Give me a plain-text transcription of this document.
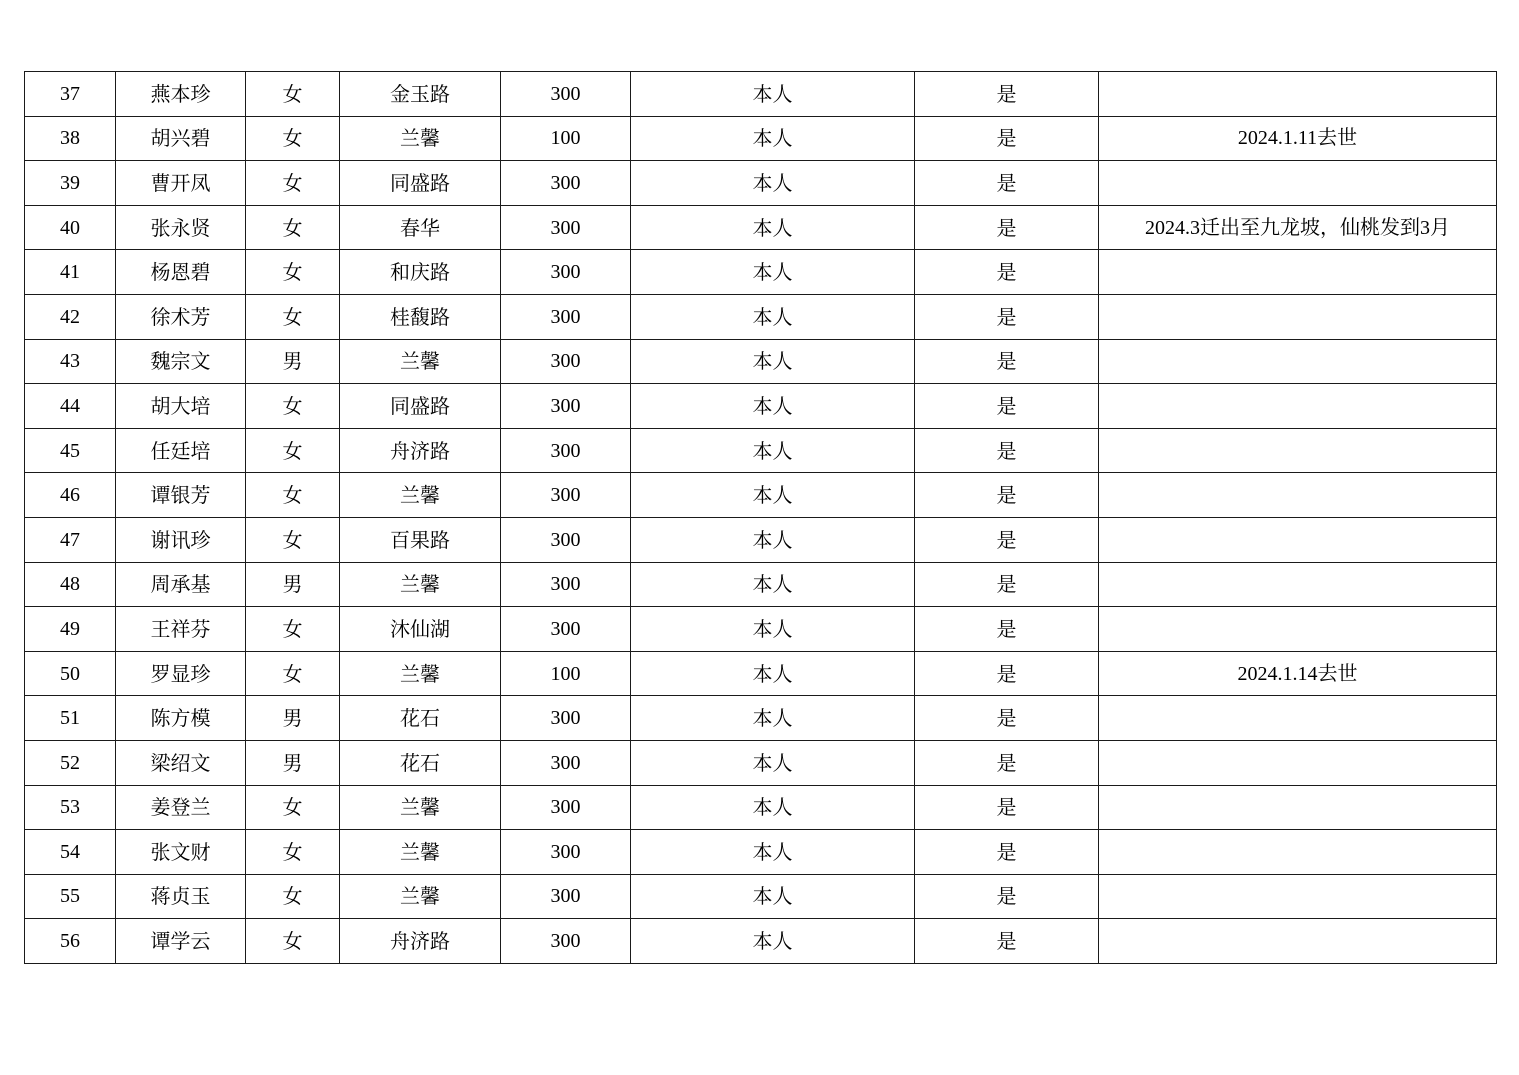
37	燕本珍	女	金玉路	300	本人	是	
38	胡兴碧	女	兰馨	100	本人	是	2024.1.11去世
39	曹开凤	女	同盛路	300	本人	是	
40	张永贤	女	春华	300	本人	是	2024.3迁出至九龙坡，仙桃发到3月
41	杨恩碧	女	和庆路	300	本人	是	
42	徐术芳	女	桂馥路	300	本人	是	
43	魏宗文	男	兰馨	300	本人	是	
44	胡大培	女	同盛路	300	本人	是	
45	任廷培	女	舟济路	300	本人	是	
46	谭银芳	女	兰馨	300	本人	是	
47	谢讯珍	女	百果路	300	本人	是	
48	周承基	男	兰馨	300	本人	是	
49	王祥芬	女	沐仙湖	300	本人	是	
50	罗显珍	女	兰馨	100	本人	是	2024.1.14去世
51	陈方模	男	花石	300	本人	是	
52	梁绍文	男	花石	300	本人	是	
53	姜登兰	女	兰馨	300	本人	是	
54	张文财	女	兰馨	300	本人	是	
55	蒋贞玉	女	兰馨	300	本人	是	
56	谭学云	女	舟济路	300	本人	是	
